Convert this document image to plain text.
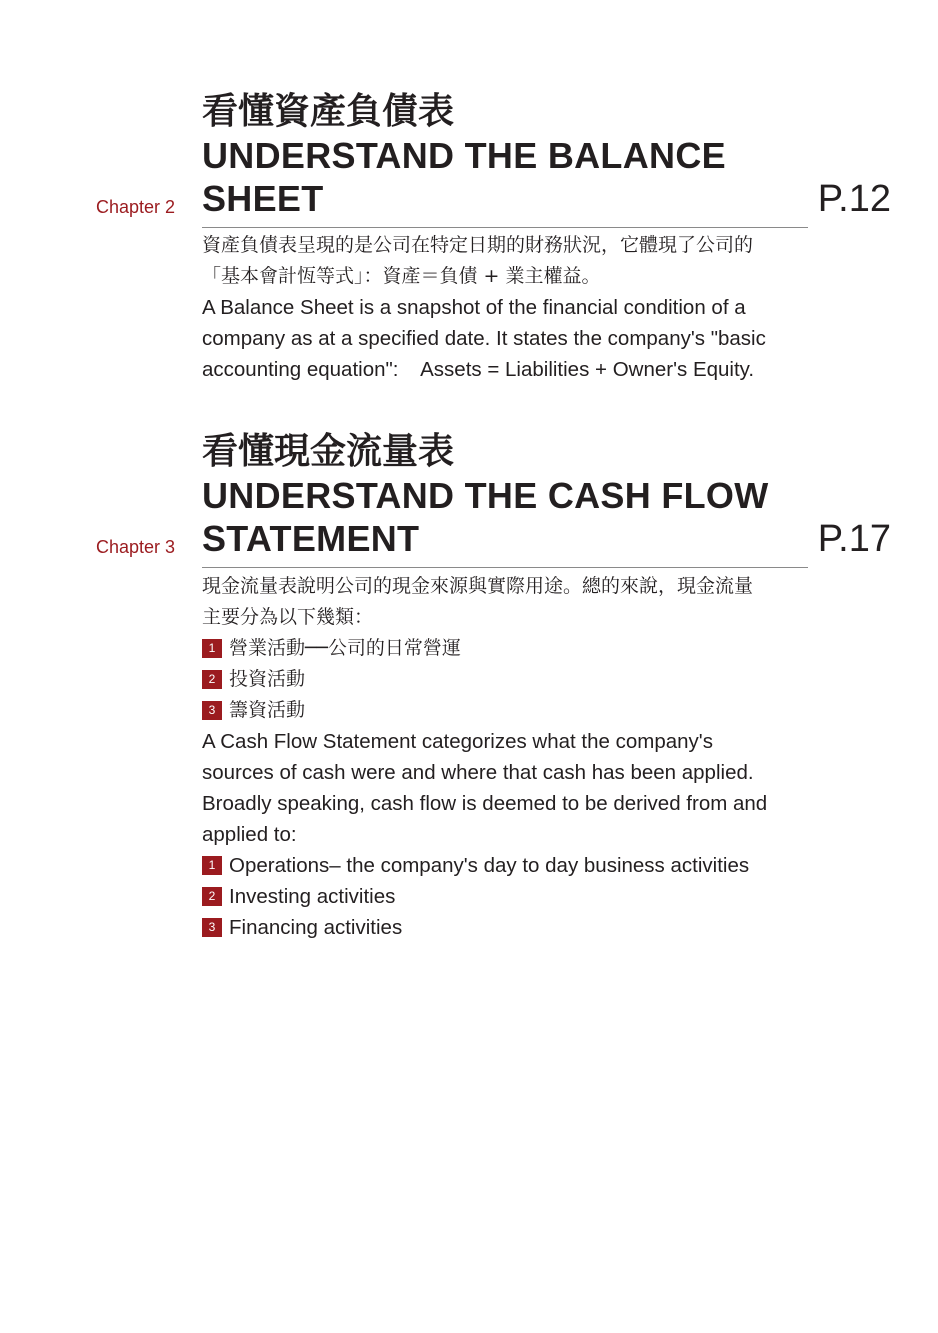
看懂資產負債表
UNDERSTAND THE BALANCE
SHEET
Chapter 2	P.12

資產負債表呈現的是公司在特定日期的財務狀況，它體現了公司的

「基本會計恆等式」：資產＝負債 + 業主權益。

A Balance Sheet is a snapshot of the financial condition of a

company as at a specified date. It states the company's "basic

accounting equation":    Assets = Liabilities + Owner's Equity.

看懂現金流量表
UNDERSTAND THE CASH FLOW
STATEMENT
Chapter 3	P.17

現金流量表說明公司的現金來源與實際用途。總的來說，現金流量

主要分為以下幾類：

1 營業活動──公司的日常營運
2 投資活動
3 籌資活動

A Cash Flow Statement categorizes what the company's

sources of cash were and where that cash has been applied.

Broadly speaking, cash flow is deemed to be derived from and

applied to:

1 Operations– the company's day to day business activities
2 Investing activities
3 Financing activities
